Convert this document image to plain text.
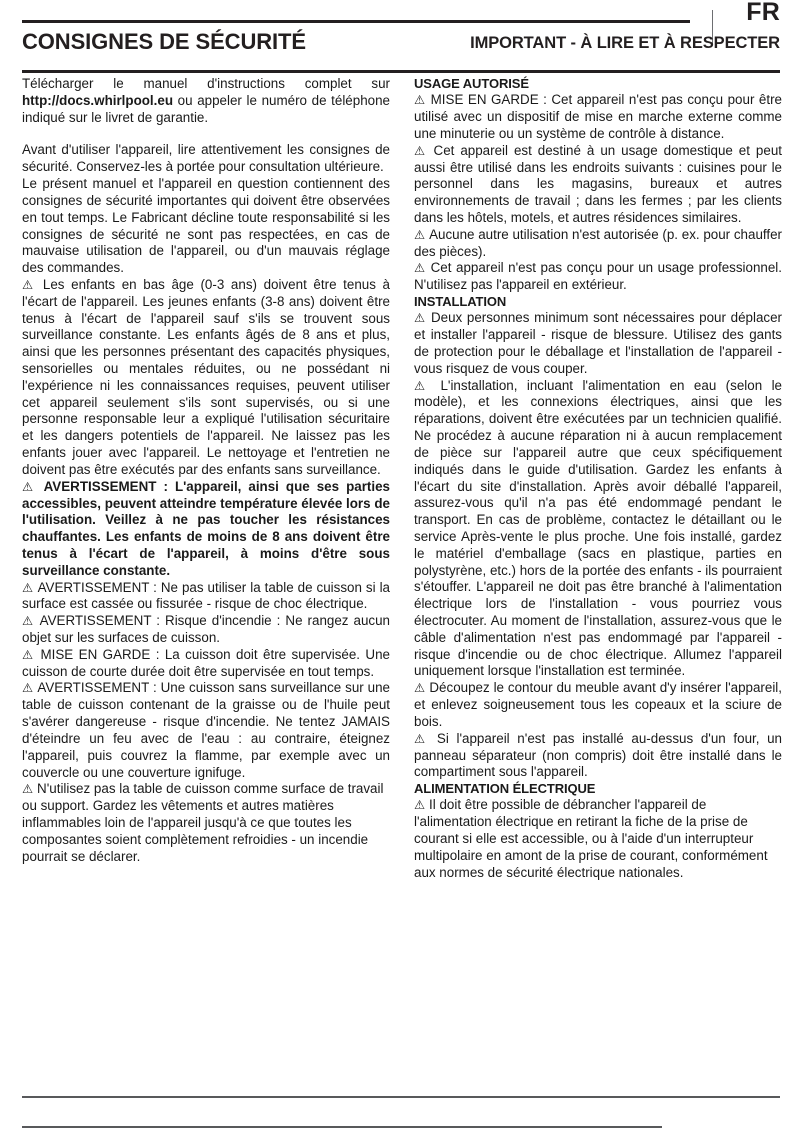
FR
CONSIGNES DE SÉCURITÉ	IMPORTANT - À LIRE ET À RESPECTER

Télécharger le manuel d'instructions complet sur http://docs.whirlpool.eu ou appeler le numéro de téléphone indiqué sur le livret de garantie.

Avant d'utiliser l'appareil, lire attentivement les consignes de sécurité. Conservez-les à portée pour consultation ultérieure.

Le présent manuel et l'appareil en question contiennent des consignes de sécurité importantes qui doivent être observées en tout temps. Le Fabricant décline toute responsabilité si les consignes de sécurité ne sont pas respectées, en cas de mauvaise utilisation de l'appareil, ou d'un mauvais réglage des commandes.

⚠ Les enfants en bas âge (0-3 ans) doivent être tenus à l'écart de l'appareil. Les jeunes enfants (3-8 ans) doivent être tenus à l'écart de l'appareil sauf s'ils se trouvent sous surveillance constante. Les enfants âgés de 8 ans et plus, ainsi que les personnes présentant des capacités physiques, sensorielles ou mentales réduites, ou ne possédant ni l'expérience ni les connaissances requises, peuvent utiliser cet appareil seulement s'ils sont supervisés, ou si une personne responsable leur a expliqué l'utilisation sécuritaire et les dangers potentiels de l'appareil. Ne laissez pas les enfants jouer avec l'appareil. Le nettoyage et l'entretien ne doivent pas être exécutés par des enfants sans surveillance.

⚠ AVERTISSEMENT : L'appareil, ainsi que ses parties accessibles, peuvent atteindre température élevée lors de l'utilisation. Veillez à ne pas toucher les résistances chauffantes. Les enfants de moins de 8 ans doivent être tenus à l'écart de l'appareil, à moins d'être sous surveillance constante.

⚠ AVERTISSEMENT : Ne pas utiliser la table de cuisson si la surface est cassée ou fissurée - risque de choc électrique.

⚠ AVERTISSEMENT : Risque d'incendie : Ne rangez aucun objet sur les surfaces de cuisson.

⚠ MISE EN GARDE : La cuisson doit être supervisée. Une cuisson de courte durée doit être supervisée en tout temps.

⚠ AVERTISSEMENT : Une cuisson sans surveillance sur une table de cuisson contenant de la graisse ou de l'huile peut s'avérer dangereuse - risque d'incendie. Ne tentez JAMAIS d'éteindre un feu avec de l'eau : au contraire, éteignez l'appareil, puis couvrez la flamme, par exemple avec un couvercle ou une couverture ignifuge.

⚠ N'utilisez pas la table de cuisson comme surface de travail ou support. Gardez les vêtements et autres matières inflammables loin de l'appareil jusqu'à ce que toutes les composantes soient complètement refroidies - un incendie pourrait se déclarer.

USAGE AUTORISÉ

⚠ MISE EN GARDE : Cet appareil n'est pas conçu pour être utilisé avec un dispositif de mise en marche externe comme une minuterie ou un système de contrôle à distance.

⚠ Cet appareil est destiné à un usage domestique et peut aussi être utilisé dans les endroits suivants : cuisines pour le personnel dans les magasins, bureaux et autres environnements de travail ; dans les fermes ; par les clients dans les hôtels, motels, et autres résidences similaires.

⚠ Aucune autre utilisation n'est autorisée (p. ex. pour chauffer des pièces).

⚠ Cet appareil n'est pas conçu pour un usage professionnel. N'utilisez pas l'appareil en extérieur.

INSTALLATION

⚠ Deux personnes minimum sont nécessaires pour déplacer et installer l'appareil - risque de blessure. Utilisez des gants de protection pour le déballage et l'installation de l'appareil - vous risquez de vous couper.

⚠ L'installation, incluant l'alimentation en eau (selon le modèle), et les connexions électriques, ainsi que les réparations, doivent être exécutées par un technicien qualifié. Ne procédez à aucune réparation ni à aucun remplacement de pièce sur l'appareil autre que ceux spécifiquement indiqués dans le guide d'utilisation. Gardez les enfants à l'écart du site d'installation. Après avoir déballé l'appareil, assurez-vous qu'il n'a pas été endommagé pendant le transport. En cas de problème, contactez le détaillant ou le service Après-vente le plus proche. Une fois installé, gardez le matériel d'emballage (sacs en plastique, parties en polystyrène, etc.) hors de la portée des enfants - ils pourraient s'étouffer. L'appareil ne doit pas être branché à l'alimentation électrique lors de l'installation - vous pourriez vous électrocuter. Au moment de l'installation, assurez-vous que le câble d'alimentation n'est pas endommagé par l'appareil - risque d'incendie ou de choc électrique. Allumez l'appareil uniquement lorsque l'installation est terminée.

⚠ Découpez le contour du meuble avant d'y insérer l'appareil, et enlevez soigneusement tous les copeaux et la sciure de bois.

⚠ Si l'appareil n'est pas installé au-dessus d'un four, un panneau séparateur (non compris) doit être installé dans le compartiment sous l'appareil.

ALIMENTATION ÉLECTRIQUE

⚠ Il doit être possible de débrancher l'appareil de l'alimentation électrique en retirant la fiche de la prise de courant si elle est accessible, ou à l'aide d'un interrupteur multipolaire en amont de la prise de courant, conformément aux normes de sécurité électrique nationales.
